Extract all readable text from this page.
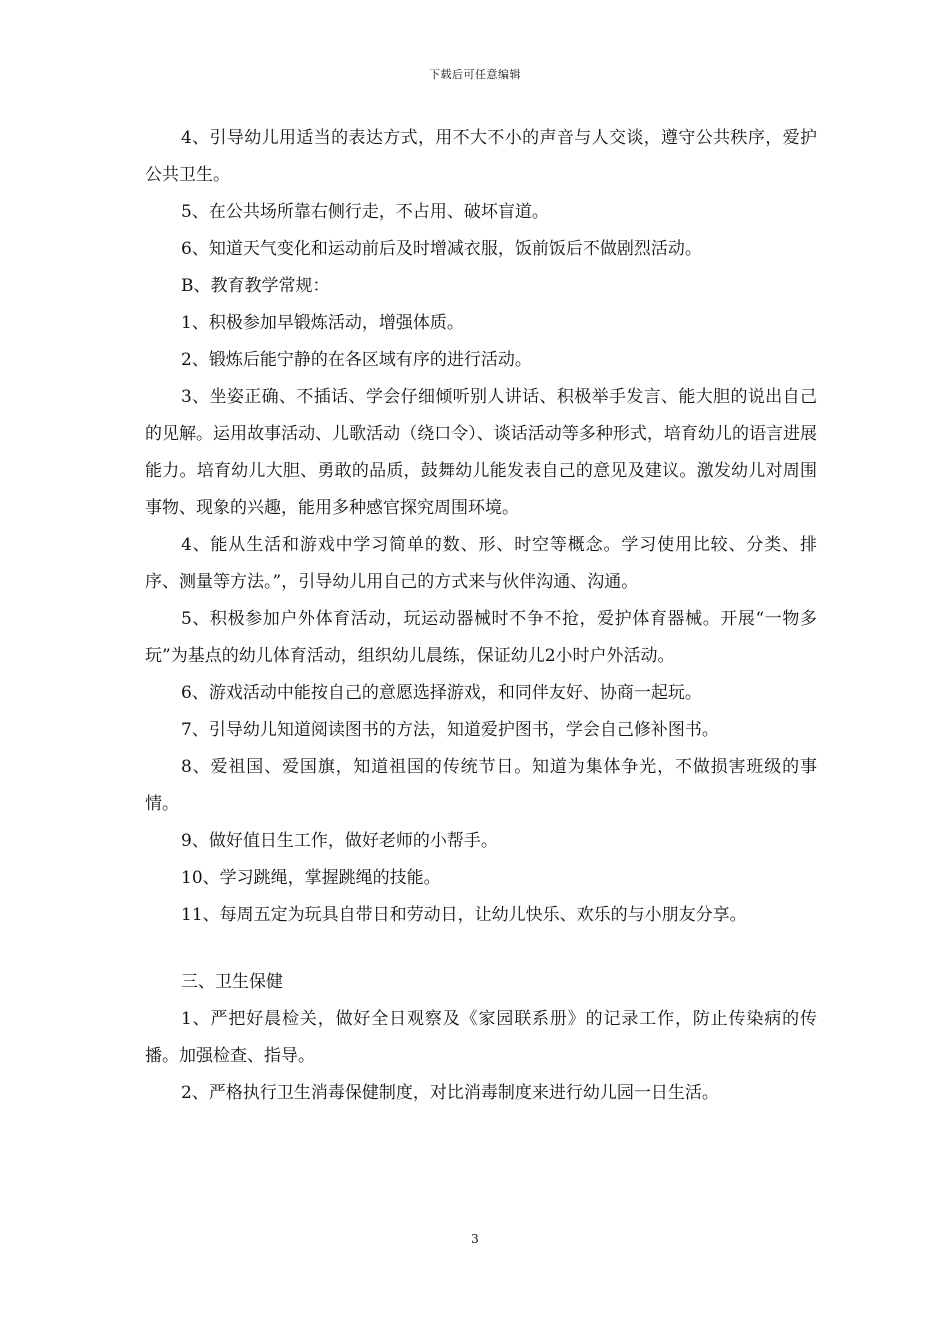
下载后可任意编辑

4、引导幼儿用适当的表达方式，用不大不小的声音与人交谈，遵守公共秩序，爱护公共卫生。

5、在公共场所靠右侧行走，不占用、破坏盲道。

6、知道天气变化和运动前后及时增减衣服，饭前饭后不做剧烈活动。

B、教育教学常规：

1、积极参加早锻炼活动，增强体质。

2、锻炼后能宁静的在各区域有序的进行活动。

3、坐姿正确、不插话、学会仔细倾听别人讲话、积极举手发言、能大胆的说出自己的见解。运用故事活动、儿歌活动（绕口令）、谈话活动等多种形式，培育幼儿的语言进展能力。培育幼儿大胆、勇敢的品质，鼓舞幼儿能发表自己的意见及建议。激发幼儿对周围事物、现象的兴趣，能用多种感官探究周围环境。

4、能从生活和游戏中学习简单的数、形、时空等概念。学习使用比较、分类、排序、测量等方法。”，引导幼儿用自己的方式来与伙伴沟通、沟通。

5、积极参加户外体育活动，玩运动器械时不争不抢，爱护体育器械。开展“一物多玩”为基点的幼儿体育活动，组织幼儿晨练，保证幼儿2小时户外活动。

6、游戏活动中能按自己的意愿选择游戏，和同伴友好、协商一起玩。

7、引导幼儿知道阅读图书的方法，知道爱护图书，学会自己修补图书。

8、爱祖国、爱国旗，知道祖国的传统节日。知道为集体争光，不做损害班级的事情。

9、做好值日生工作，做好老师的小帮手。

10、学习跳绳，掌握跳绳的技能。

11、每周五定为玩具自带日和劳动日，让幼儿快乐、欢乐的与小朋友分享。

三、卫生保健

1、严把好晨检关，做好全日观察及《家园联系册》的记录工作，防止传染病的传播。加强检查、指导。

2、严格执行卫生消毒保健制度，对比消毒制度来进行幼儿园一日生活。

3
